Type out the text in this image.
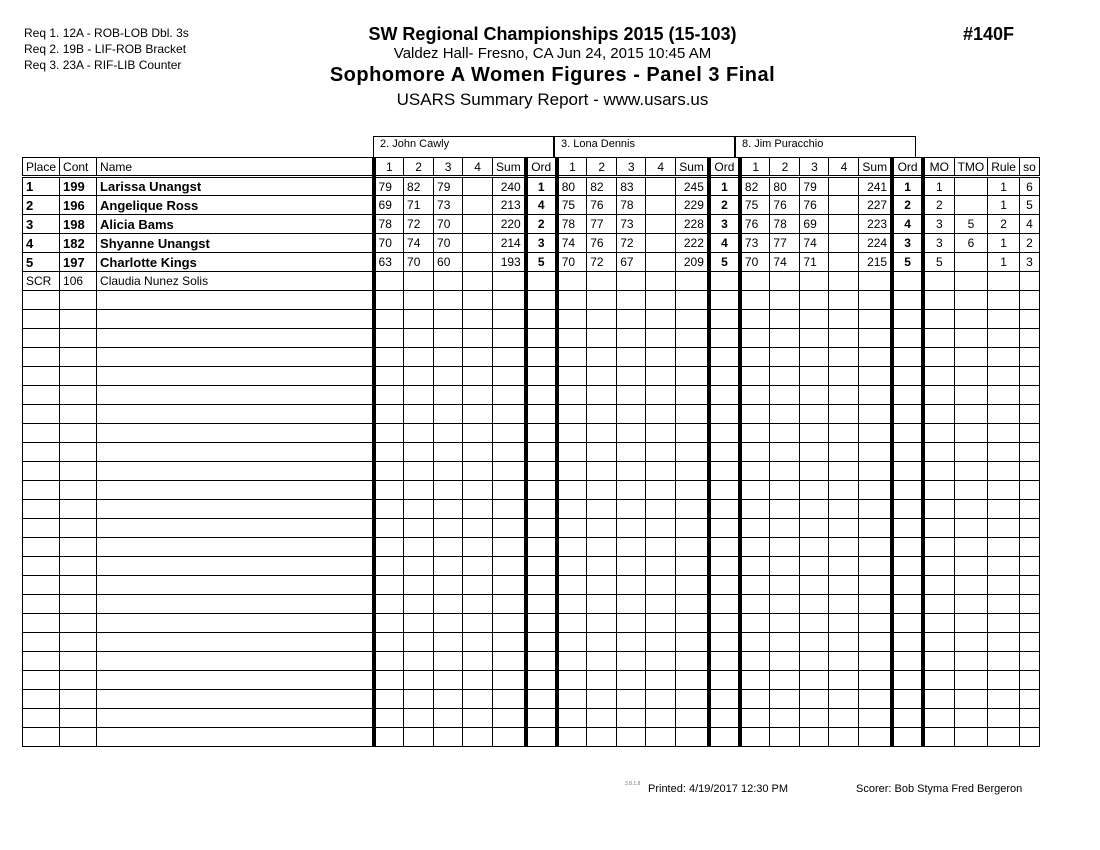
Req 1. 12A - ROB-LOB Dbl. 3s
Req 2. 19B - LIF-ROB Bracket
Req 3. 23A - RIF-LIB Counter
SW Regional Championships 2015 (15-103)
Valdez Hall- Fresno, CA Jun 24, 2015 10:45 AM
Sophomore A Women Figures - Panel 3 Final
USARS Summary Report - www.usars.us
#140F
2. John Cawly	3. Lona Dennis	8. Jim Puracchio
Place	Cont	Name	1	2	3	4	Sum	Ord	1	2	3	4	Sum	Ord	1	2	3	4	Sum	Ord	MO	TMO	Rule	so
1	199	Larissa Unangst	79	82	79		240	1	80	82	83		245	1	82	80	79		241	1	1		1	6
2	196	Angelique Ross	69	71	73		213	4	75	76	78		229	2	75	76	76		227	2	2		1	5
3	198	Alicia Bams	78	72	70		220	2	78	77	73		228	3	76	78	69		223	4	3	5	2	4
4	182	Shyanne Unangst	70	74	70		214	3	74	76	72		222	4	73	77	74		224	3	3	6	1	2
5	197	Charlotte Kings	63	70	60		193	5	70	72	67		209	5	70	74	71		215	5	5		1	3
SCR	106	Claudia Nunez Solis																						

3.8.1.8 Printed: 4/19/2017 12:30 PM	Scorer: Bob Styma Fred Bergeron
